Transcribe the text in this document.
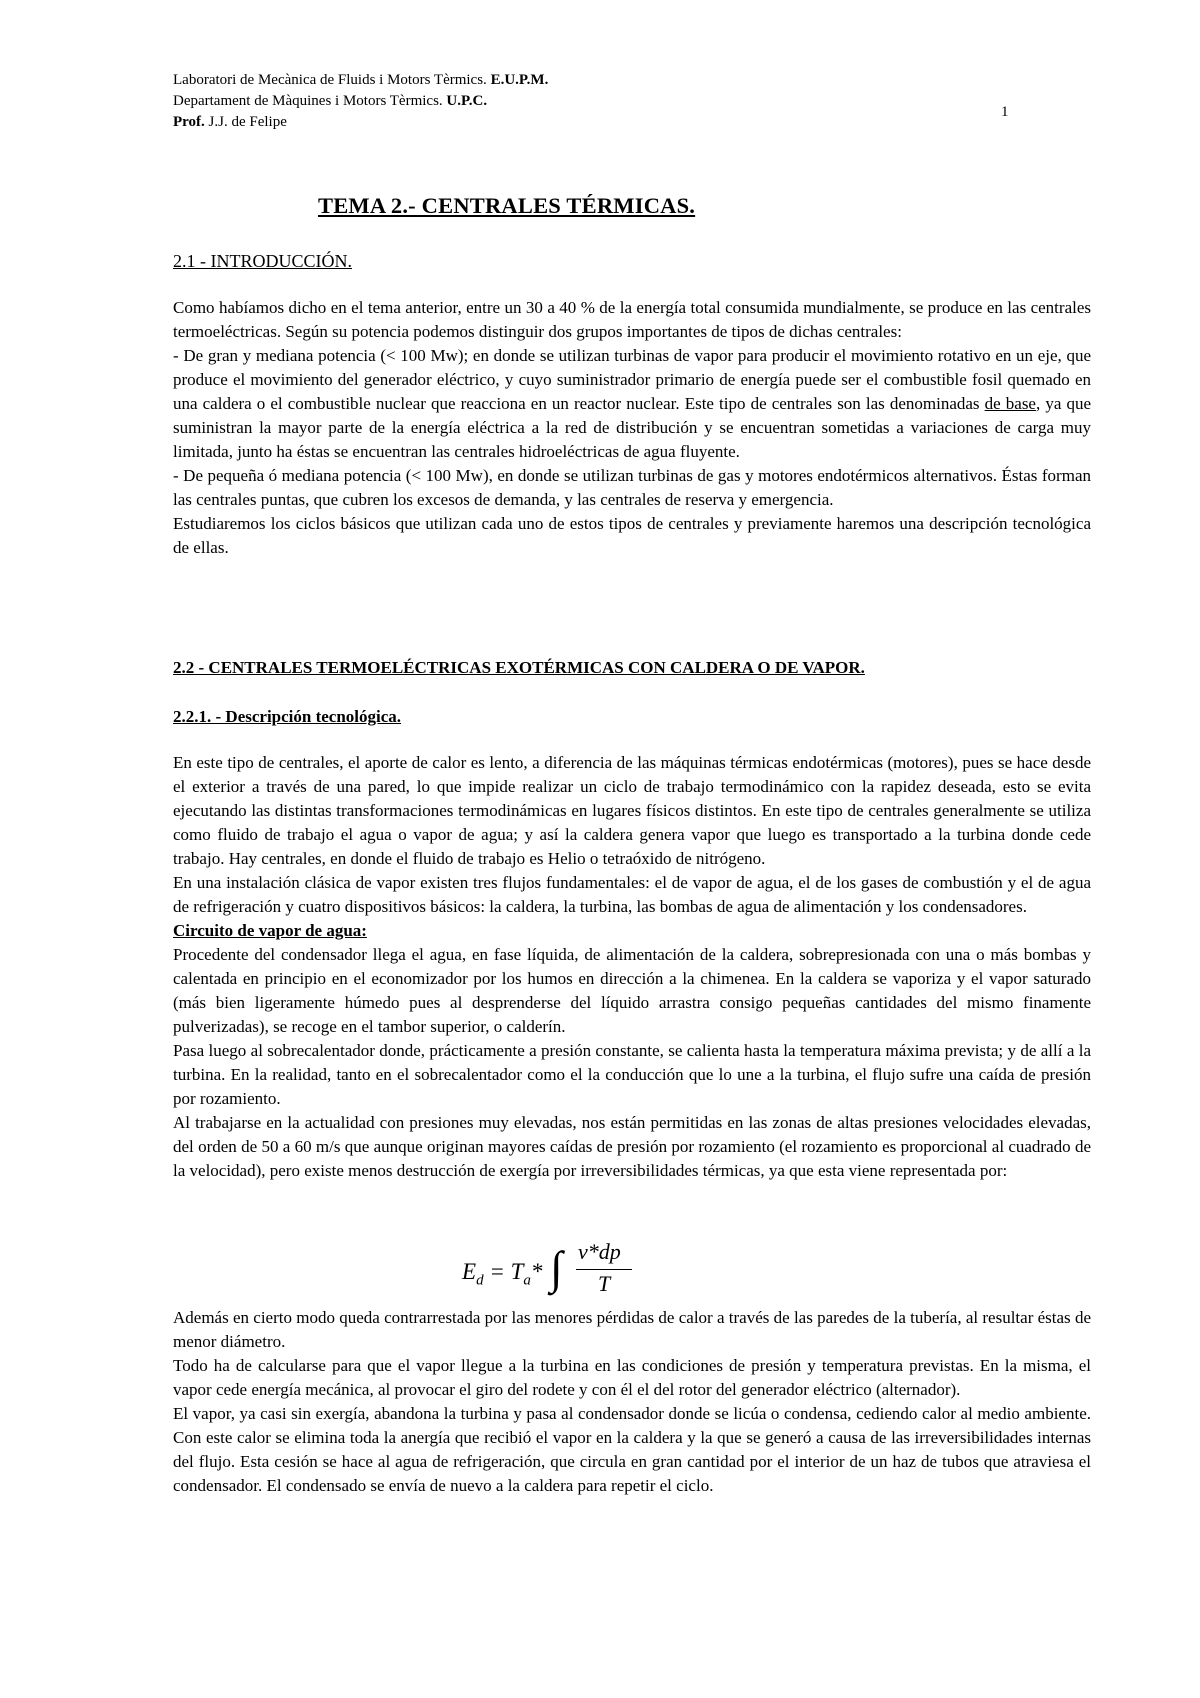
Laboratori de Mecànica de Fluids i Motors Tèrmics. E.U.P.M.
Departament de Màquines i Motors Tèrmics. U.P.C.
Prof. J.J. de Felipe
1
TEMA 2.- CENTRALES TÉRMICAS.
2.1 - INTRODUCCIÓN.

Como habíamos dicho en el tema anterior, entre un 30 a 40 % de la energía total consumida mundialmente, se produce en las centrales termoeléctricas. Según su potencia podemos distinguir dos grupos importantes de tipos de dichas centrales:

- De gran y mediana potencia (< 100 Mw); en donde se utilizan turbinas de vapor para producir el movimiento rotativo en un eje, que produce el movimiento del generador eléctrico, y cuyo suministrador primario de energía puede ser el combustible fosil quemado en una caldera o el combustible nuclear que reacciona en un reactor nuclear. Este tipo de centrales son las denominadas de base, ya que suministran la mayor parte de la energía eléctrica a la red de distribución y se encuentran sometidas a variaciones de carga muy limitada, junto ha éstas se encuentran las centrales hidroeléctricas de agua fluyente.

- De pequeña ó mediana potencia (< 100 Mw), en donde se utilizan turbinas de gas y motores endotérmicos alternativos. Éstas forman las centrales puntas, que cubren los excesos de demanda, y las centrales de reserva y emergencia.

Estudiaremos los ciclos básicos que utilizan cada uno de estos tipos de centrales y previamente haremos una descripción tecnológica de ellas.

2.2 - CENTRALES TERMOELÉCTRICAS EXOTÉRMICAS CON CALDERA O DE VAPOR.
2.2.1. - Descripción tecnológica.

En este tipo de centrales, el aporte de calor es lento, a diferencia de las máquinas térmicas endotérmicas (motores), pues se hace desde el exterior a través de una pared, lo que impide realizar un ciclo de trabajo termodinámico con la rapidez deseada, esto se evita ejecutando las distintas transformaciones termodinámicas en lugares físicos distintos. En este tipo de centrales generalmente se utiliza como fluido de trabajo el agua o vapor de agua; y así la caldera genera vapor que luego es transportado a la turbina donde cede trabajo. Hay centrales, en donde el fluido de trabajo es Helio o tetraóxido de nitrógeno.

En una instalación clásica de vapor existen tres flujos fundamentales: el de vapor de agua, el de los gases de combustión y el de agua de refrigeración y cuatro dispositivos básicos: la caldera, la turbina, las bombas de agua de alimentación y los condensadores.

Circuito de vapor de agua:

Procedente del condensador llega el agua, en fase líquida, de alimentación de la caldera, sobrepresionada con una o más bombas y calentada en principio en el economizador por los humos en dirección a la chimenea. En la caldera se vaporiza y el vapor saturado (más bien ligeramente húmedo pues al desprenderse del líquido arrastra consigo pequeñas cantidades del mismo finamente pulverizadas), se recoge en el tambor superior, o calderín.

Pasa luego al sobrecalentador donde, prácticamente a presión constante, se calienta hasta la temperatura máxima prevista; y de allí a la turbina. En la realidad, tanto en el sobrecalentador como el la conducción que lo une a la turbina, el flujo sufre una caída de presión por rozamiento.

Al trabajarse en la actualidad con presiones muy elevadas, nos están permitidas en las zonas de altas presiones velocidades elevadas, del orden de 50 a 60 m/s que aunque originan mayores caídas de presión por rozamiento (el rozamiento es proporcional al cuadrado de la velocidad), pero existe menos destrucción de exergía por irreversibilidades térmicas, ya que esta viene representada por:

$E_d = T_a*$ ∫ v*dp
T

Además en cierto modo queda contrarrestada por las menores pérdidas de calor a través de las paredes de la tubería, al resultar éstas de menor diámetro.

Todo ha de calcularse para que el vapor llegue a la turbina en las condiciones de presión y temperatura previstas. En la misma, el vapor cede energía mecánica, al provocar el giro del rodete y con él el del rotor del generador eléctrico (alternador).

El vapor, ya casi sin exergía, abandona la turbina y pasa al condensador donde se licúa o condensa, cediendo calor al medio ambiente. Con este calor se elimina toda la anergía que recibió el vapor en la caldera y la que se generó a causa de las irreversibilidades internas del flujo. Esta cesión se hace al agua de refrigeración, que circula en gran cantidad por el interior de un haz de tubos que atraviesa el condensador. El condensado se envía de nuevo a la caldera para repetir el ciclo.
